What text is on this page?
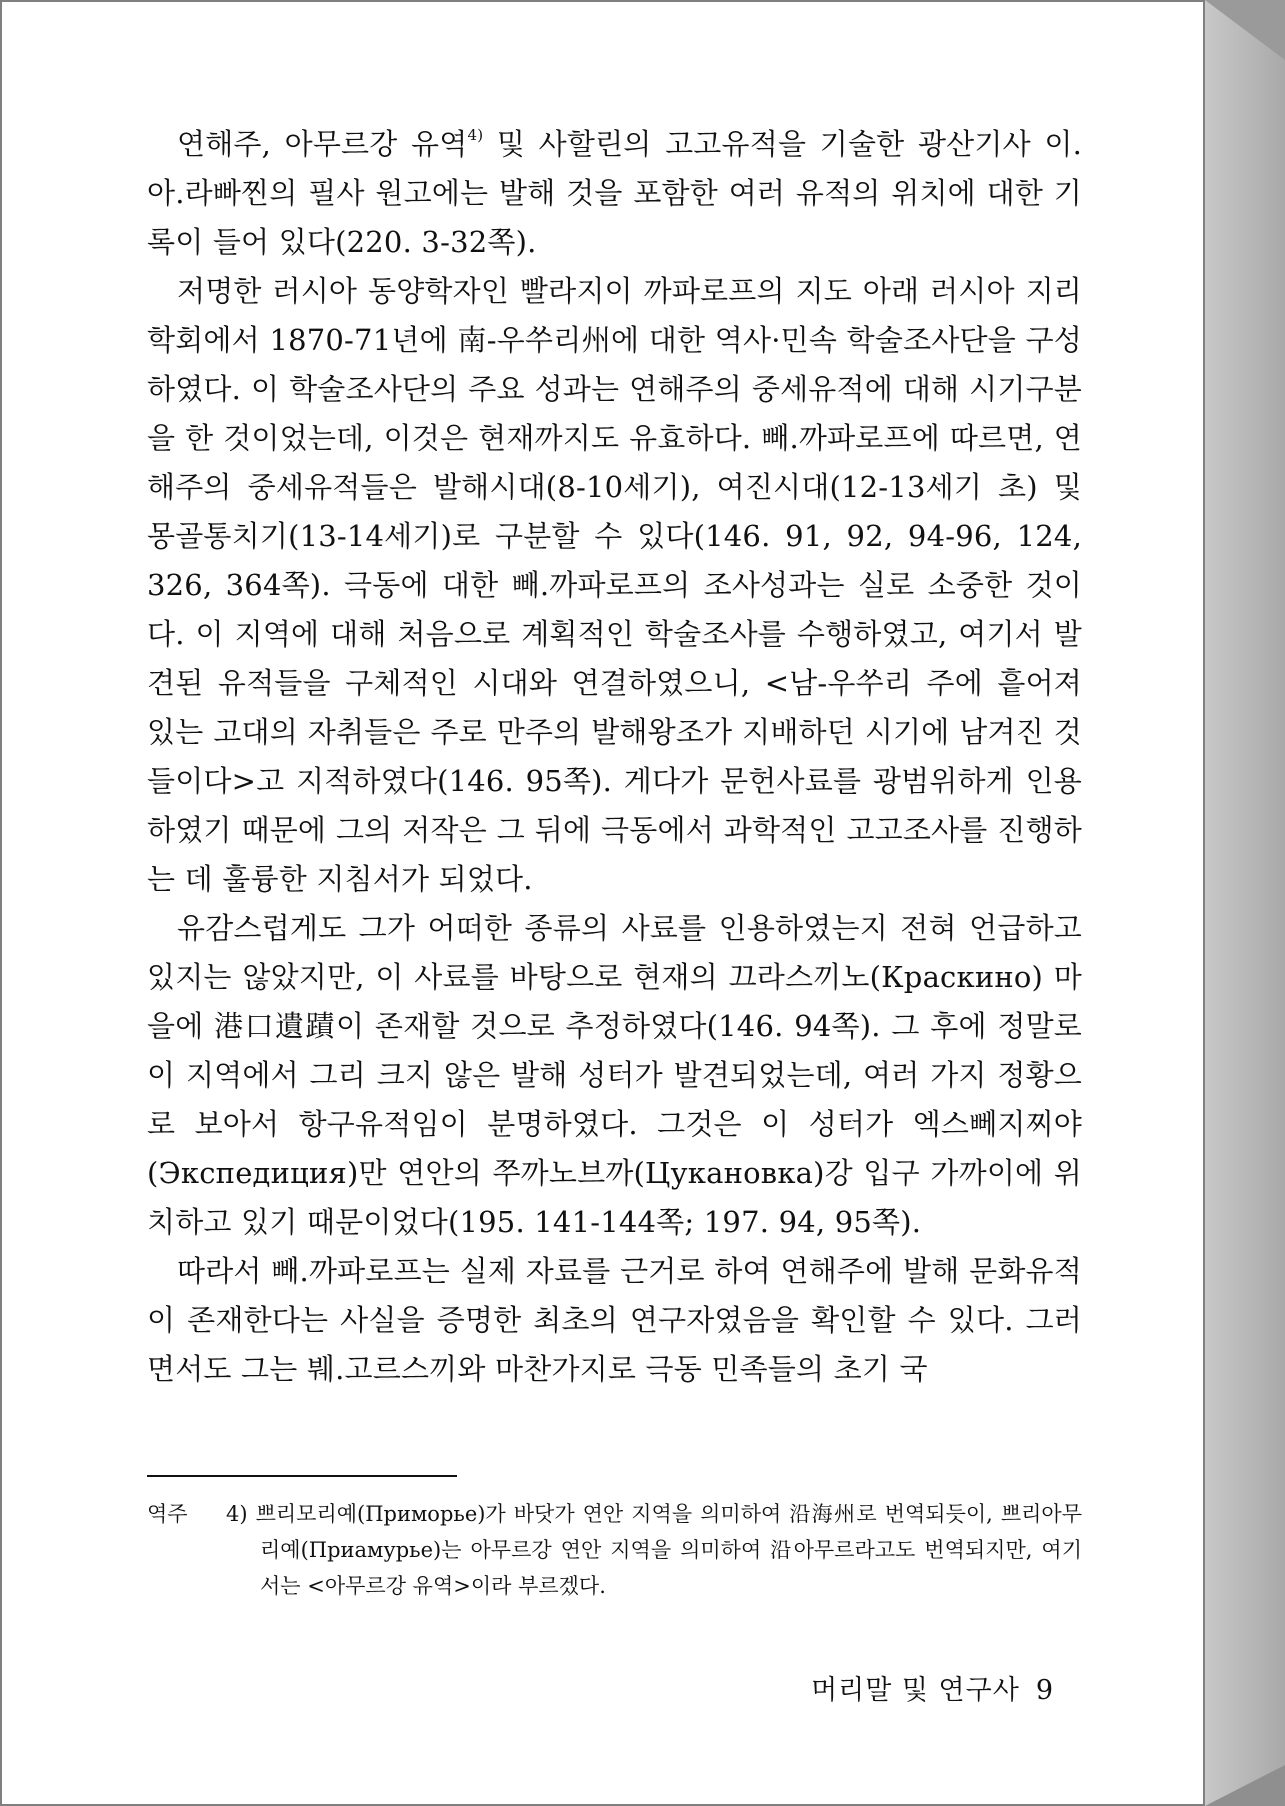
연해주, 아무르강 유역$^{4)}$ 및 사할린의 고고유적을 기술한 광산기사 이.아.라빠찐의 필사 원고에는 발해 것을 포함한 여러 유적의 위치에 대한 기록이 들어 있다(220. 3-32쪽).

저명한 러시아 동양학자인 빨라지이 까파로프의 지도 아래 러시아 지리학회에서 1870-71년에 南-우쑤리州에 대한 역사·민속 학술조사단을 구성하였다. 이 학술조사단의 주요 성과는 연해주의 중세유적에 대해 시기구분을 한 것이었는데, 이것은 현재까지도 유효하다. 빼.까파로프에 따르면, 연해주의 중세유적들은 발해시대(8-10세기), 여진시대(12-13세기 초) 및 몽골통치기(13-14세기)로 구분할 수 있다(146. 91, 92, 94-96, 124, 326, 364쪽). 극동에 대한 빼.까파로프의 조사성과는 실로 소중한 것이다. 이 지역에 대해 처음으로 계획적인 학술조사를 수행하였고, 여기서 발견된 유적들을 구체적인 시대와 연결하였으니, <남-우쑤리 주에 흩어져 있는 고대의 자취들은 주로 만주의 발해왕조가 지배하던 시기에 남겨진 것들이다>고 지적하였다(146. 95쪽). 게다가 문헌사료를 광범위하게 인용하였기 때문에 그의 저작은 그 뒤에 극동에서 과학적인 고고조사를 진행하는 데 훌륭한 지침서가 되었다.

유감스럽게도 그가 어떠한 종류의 사료를 인용하였는지 전혀 언급하고 있지는 않았지만, 이 사료를 바탕으로 현재의 끄라스끼노(Краскино) 마을에 港口遺蹟이 존재할 것으로 추정하였다(146. 94쪽). 그 후에 정말로 이 지역에서 그리 크지 않은 발해 성터가 발견되었는데, 여러 가지 정황으로 보아서 항구유적임이 분명하였다. 그것은 이 성터가 엑스뻬지찌야(Экспедиция)만 연안의 쭈까노브까(Цукановка)강 입구 가까이에 위치하고 있기 때문이었다(195. 141-144쪽; 197. 94, 95쪽).

따라서 빼.까파로프는 실제 자료를 근거로 하여 연해주에 발해 문화유적이 존재한다는 사실을 증명한 최초의 연구자였음을 확인할 수 있다. 그러면서도 그는 붸.고르스끼와 마찬가지로 극동 민족들의 초기 국

역주	4) 쁘리모리예(Приморье)가 바닷가 연안 지역을 의미하여 沿海州로 번역되듯이, 쁘리아무리예(Приамурье)는 아무르강 연안 지역을 의미하여 沿아무르라고도 번역되지만, 여기서는 <아무르강 유역>이라 부르겠다.
머리말 및 연구사 9
